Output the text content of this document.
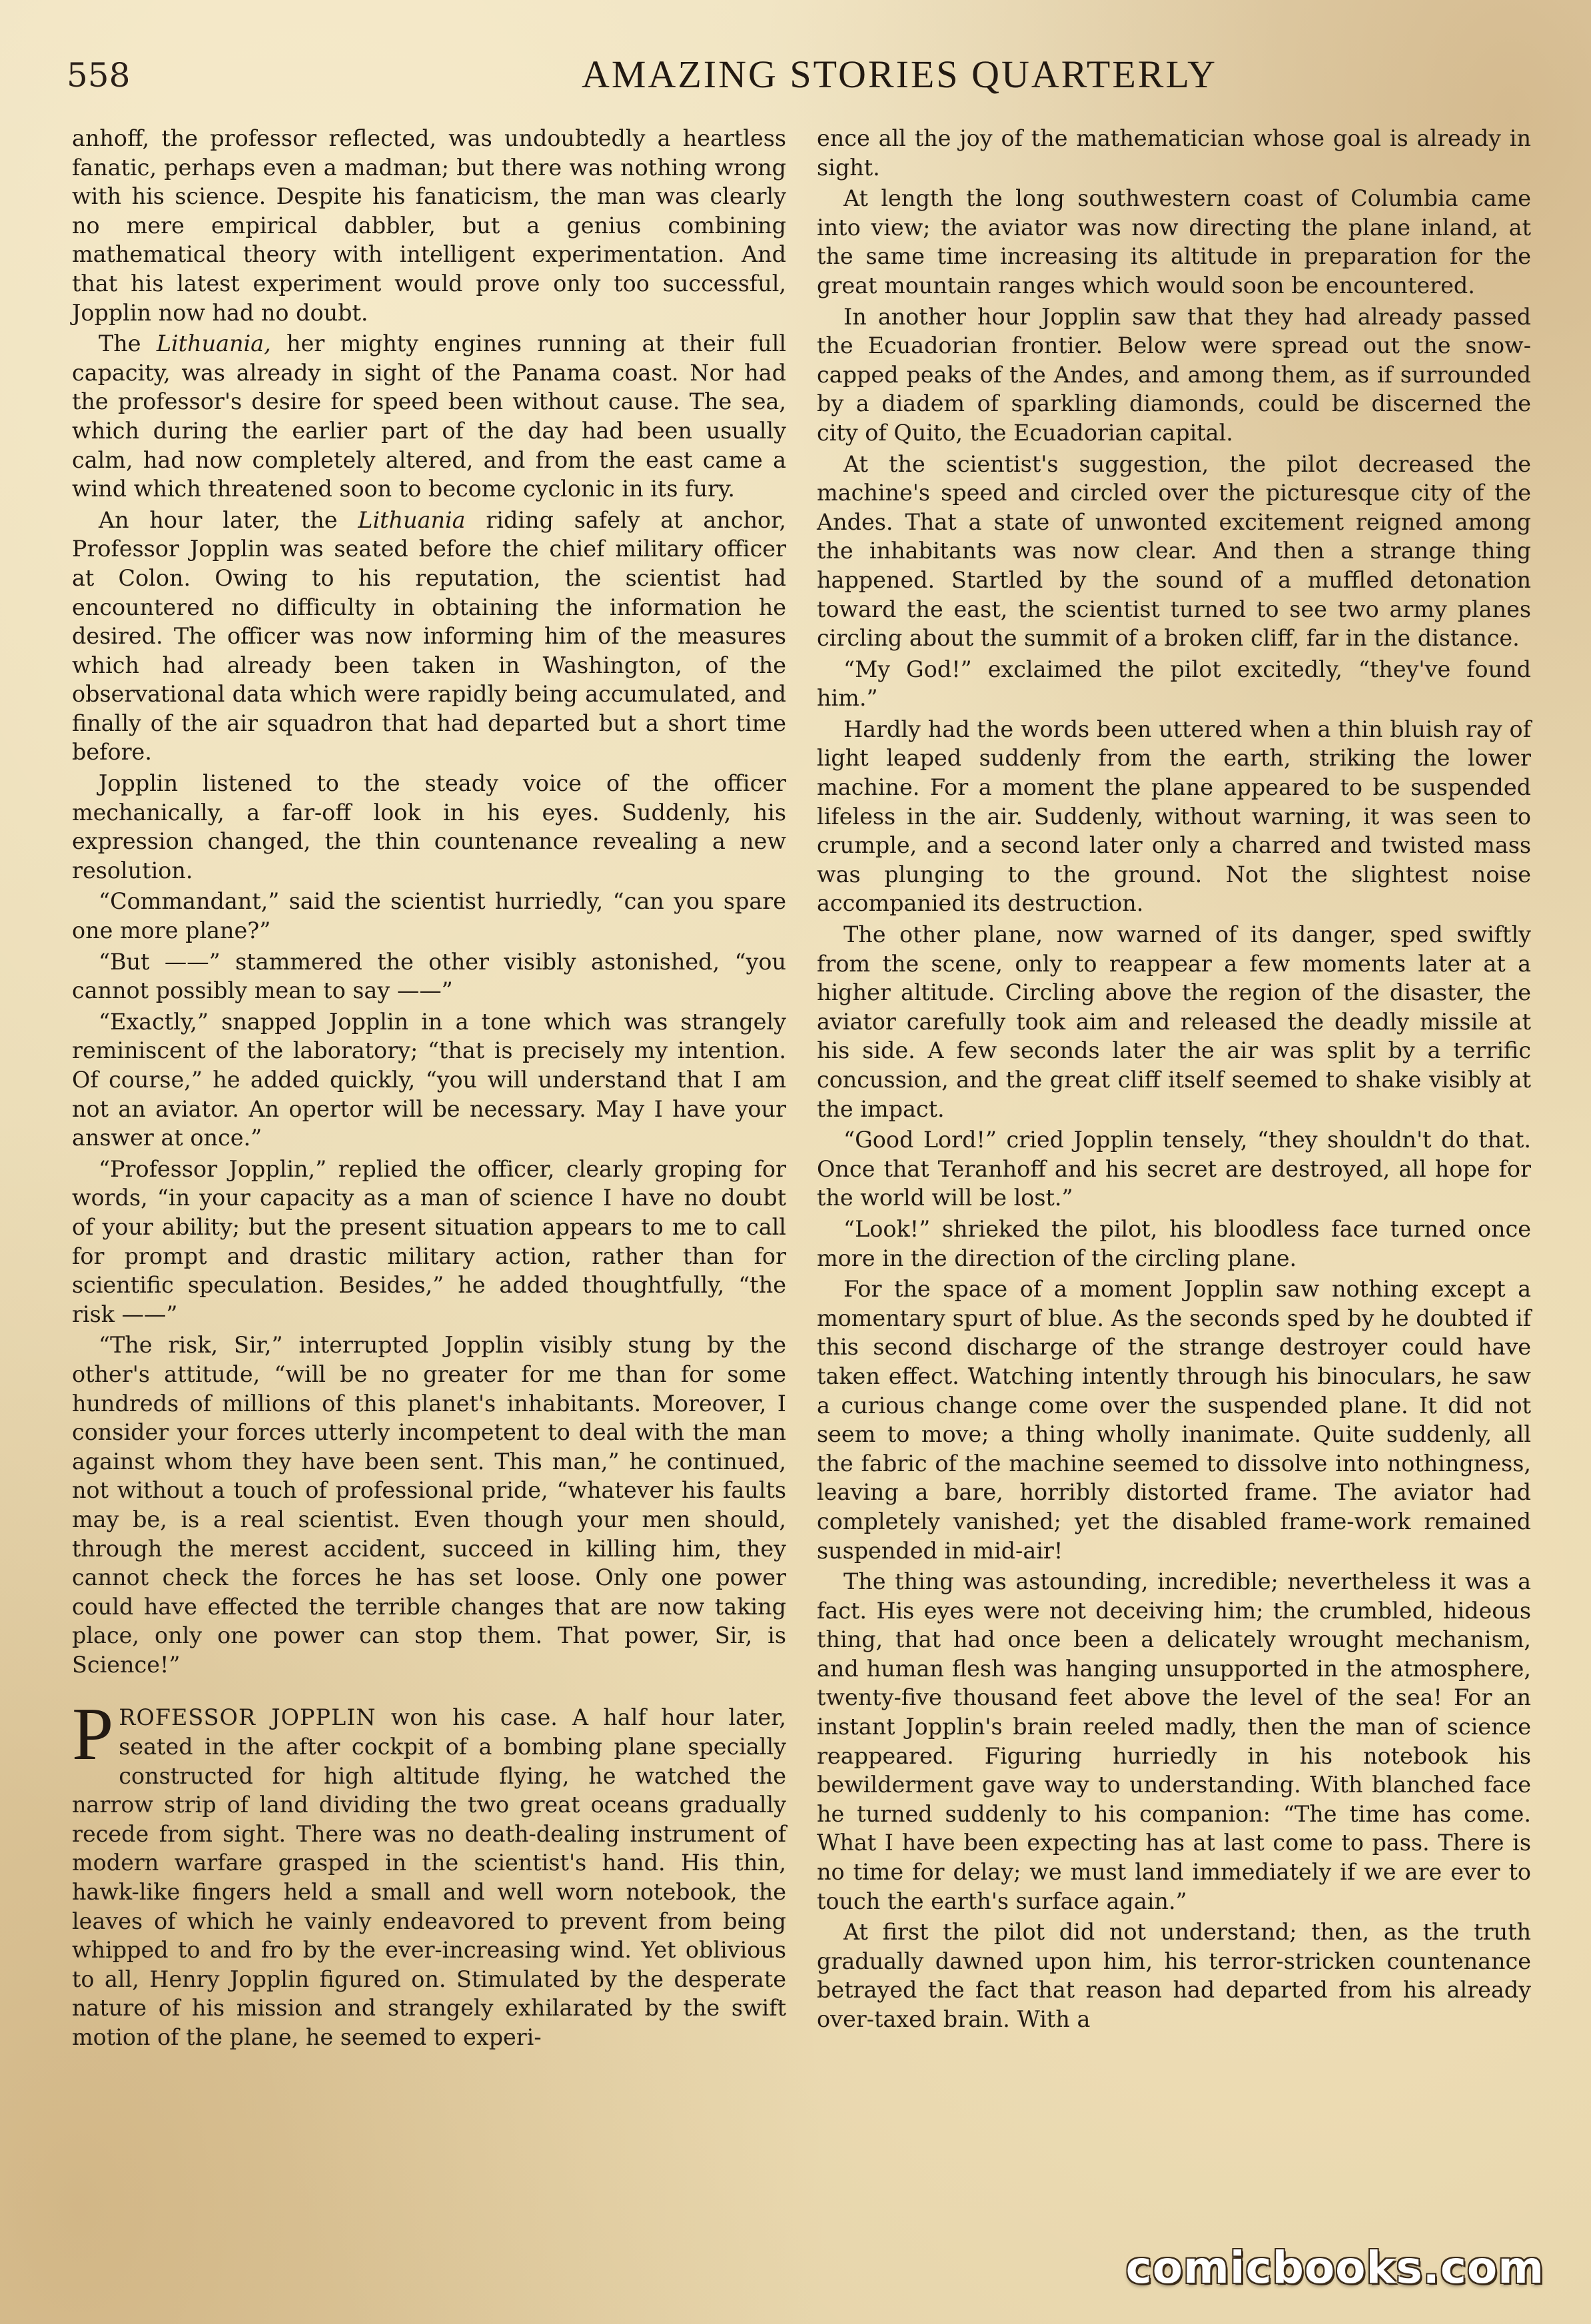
558	AMAZING STORIES QUARTERLY

anhoff, the professor reflected, was undoubtedly a heartless fanatic, perhaps even a madman; but there was nothing wrong with his science. Despite his fanaticism, the man was clearly no mere empirical dabbler, but a genius combining mathematical theory with intelligent experimentation. And that his latest experiment would prove only too successful, Jopplin now had no doubt.

The Lithuania, her mighty engines running at their full capacity, was already in sight of the Panama coast. Nor had the professor's desire for speed been without cause. The sea, which during the earlier part of the day had been usually calm, had now completely altered, and from the east came a wind which threatened soon to become cyclonic in its fury.

An hour later, the Lithuania riding safely at anchor, Professor Jopplin was seated before the chief military officer at Colon. Owing to his reputation, the scientist had encountered no difficulty in obtaining the information he desired. The officer was now informing him of the measures which had already been taken in Washington, of the observational data which were rapidly being accumulated, and finally of the air squadron that had departed but a short time before.

Jopplin listened to the steady voice of the officer mechanically, a far-off look in his eyes. Suddenly, his expression changed, the thin countenance revealing a new resolution.

“Commandant,” said the scientist hurriedly, “can you spare one more plane?”

“But ——” stammered the other visibly astonished, “you cannot possibly mean to say ——”

“Exactly,” snapped Jopplin in a tone which was strangely reminiscent of the laboratory; “that is precisely my intention. Of course,” he added quickly, “you will understand that I am not an aviator. An opertor will be necessary. May I have your answer at once.”

“Professor Jopplin,” replied the officer, clearly groping for words, “in your capacity as a man of science I have no doubt of your ability; but the present situation appears to me to call for prompt and drastic military action, rather than for scientific speculation. Besides,” he added thoughtfully, “the risk ——”

“The risk, Sir,” interrupted Jopplin visibly stung by the other's attitude, “will be no greater for me than for some hundreds of millions of this planet's inhabitants. Moreover, I consider your forces utterly incompetent to deal with the man against whom they have been sent. This man,” he continued, not without a touch of professional pride, “whatever his faults may be, is a real scientist. Even though your men should, through the merest accident, succeed in killing him, they cannot check the forces he has set loose. Only one power could have effected the terrible changes that are now taking place, only one power can stop them. That power, Sir, is Science!”

PROFESSOR JOPPLIN won his case. A half hour later, seated in the after cockpit of a bombing plane specially constructed for high altitude flying, he watched the narrow strip of land dividing the two great oceans gradually recede from sight. There was no death-dealing instrument of modern warfare grasped in the scientist's hand. His thin, hawk-like fingers held a small and well worn notebook, the leaves of which he vainly endeavored to prevent from being whipped to and fro by the ever-increasing wind. Yet oblivious to all, Henry Jopplin figured on. Stimulated by the desperate nature of his mission and strangely exhilarated by the swift motion of the plane, he seemed to experi-

ence all the joy of the mathematician whose goal is already in sight.

At length the long southwestern coast of Columbia came into view; the aviator was now directing the plane inland, at the same time increasing its altitude in preparation for the great mountain ranges which would soon be encountered.

In another hour Jopplin saw that they had already passed the Ecuadorian frontier. Below were spread out the snow-capped peaks of the Andes, and among them, as if surrounded by a diadem of sparkling diamonds, could be discerned the city of Quito, the Ecuadorian capital.

At the scientist's suggestion, the pilot decreased the machine's speed and circled over the picturesque city of the Andes. That a state of unwonted excitement reigned among the inhabitants was now clear. And then a strange thing happened. Startled by the sound of a muffled detonation toward the east, the scientist turned to see two army planes circling about the summit of a broken cliff, far in the distance.

“My God!” exclaimed the pilot excitedly, “they've found him.”

Hardly had the words been uttered when a thin bluish ray of light leaped suddenly from the earth, striking the lower machine. For a moment the plane appeared to be suspended lifeless in the air. Suddenly, without warning, it was seen to crumple, and a second later only a charred and twisted mass was plunging to the ground. Not the slightest noise accompanied its destruction.

The other plane, now warned of its danger, sped swiftly from the scene, only to reappear a few moments later at a higher altitude. Circling above the region of the disaster, the aviator carefully took aim and released the deadly missile at his side. A few seconds later the air was split by a terrific concussion, and the great cliff itself seemed to shake visibly at the impact.

“Good Lord!” cried Jopplin tensely, “they shouldn't do that. Once that Teranhoff and his secret are destroyed, all hope for the world will be lost.”

“Look!” shrieked the pilot, his bloodless face turned once more in the direction of the circling plane.

For the space of a moment Jopplin saw nothing except a momentary spurt of blue. As the seconds sped by he doubted if this second discharge of the strange destroyer could have taken effect. Watching intently through his binoculars, he saw a curious change come over the suspended plane. It did not seem to move; a thing wholly inanimate. Quite suddenly, all the fabric of the machine seemed to dissolve into nothingness, leaving a bare, horribly distorted frame. The aviator had completely vanished; yet the disabled frame-work remained suspended in mid-air!

The thing was astounding, incredible; nevertheless it was a fact. His eyes were not deceiving him; the crumbled, hideous thing, that had once been a delicately wrought mechanism, and human flesh was hanging unsupported in the atmosphere, twenty-five thousand feet above the level of the sea! For an instant Jopplin's brain reeled madly, then the man of science reappeared. Figuring hurriedly in his notebook his bewilderment gave way to understanding. With blanched face he turned suddenly to his companion: “The time has come. What I have been expecting has at last come to pass. There is no time for delay; we must land immediately if we are ever to touch the earth's surface again.”

At first the pilot did not understand; then, as the truth gradually dawned upon him, his terror-stricken countenance betrayed the fact that reason had departed from his already over-taxed brain. With a

comicbooks.com
